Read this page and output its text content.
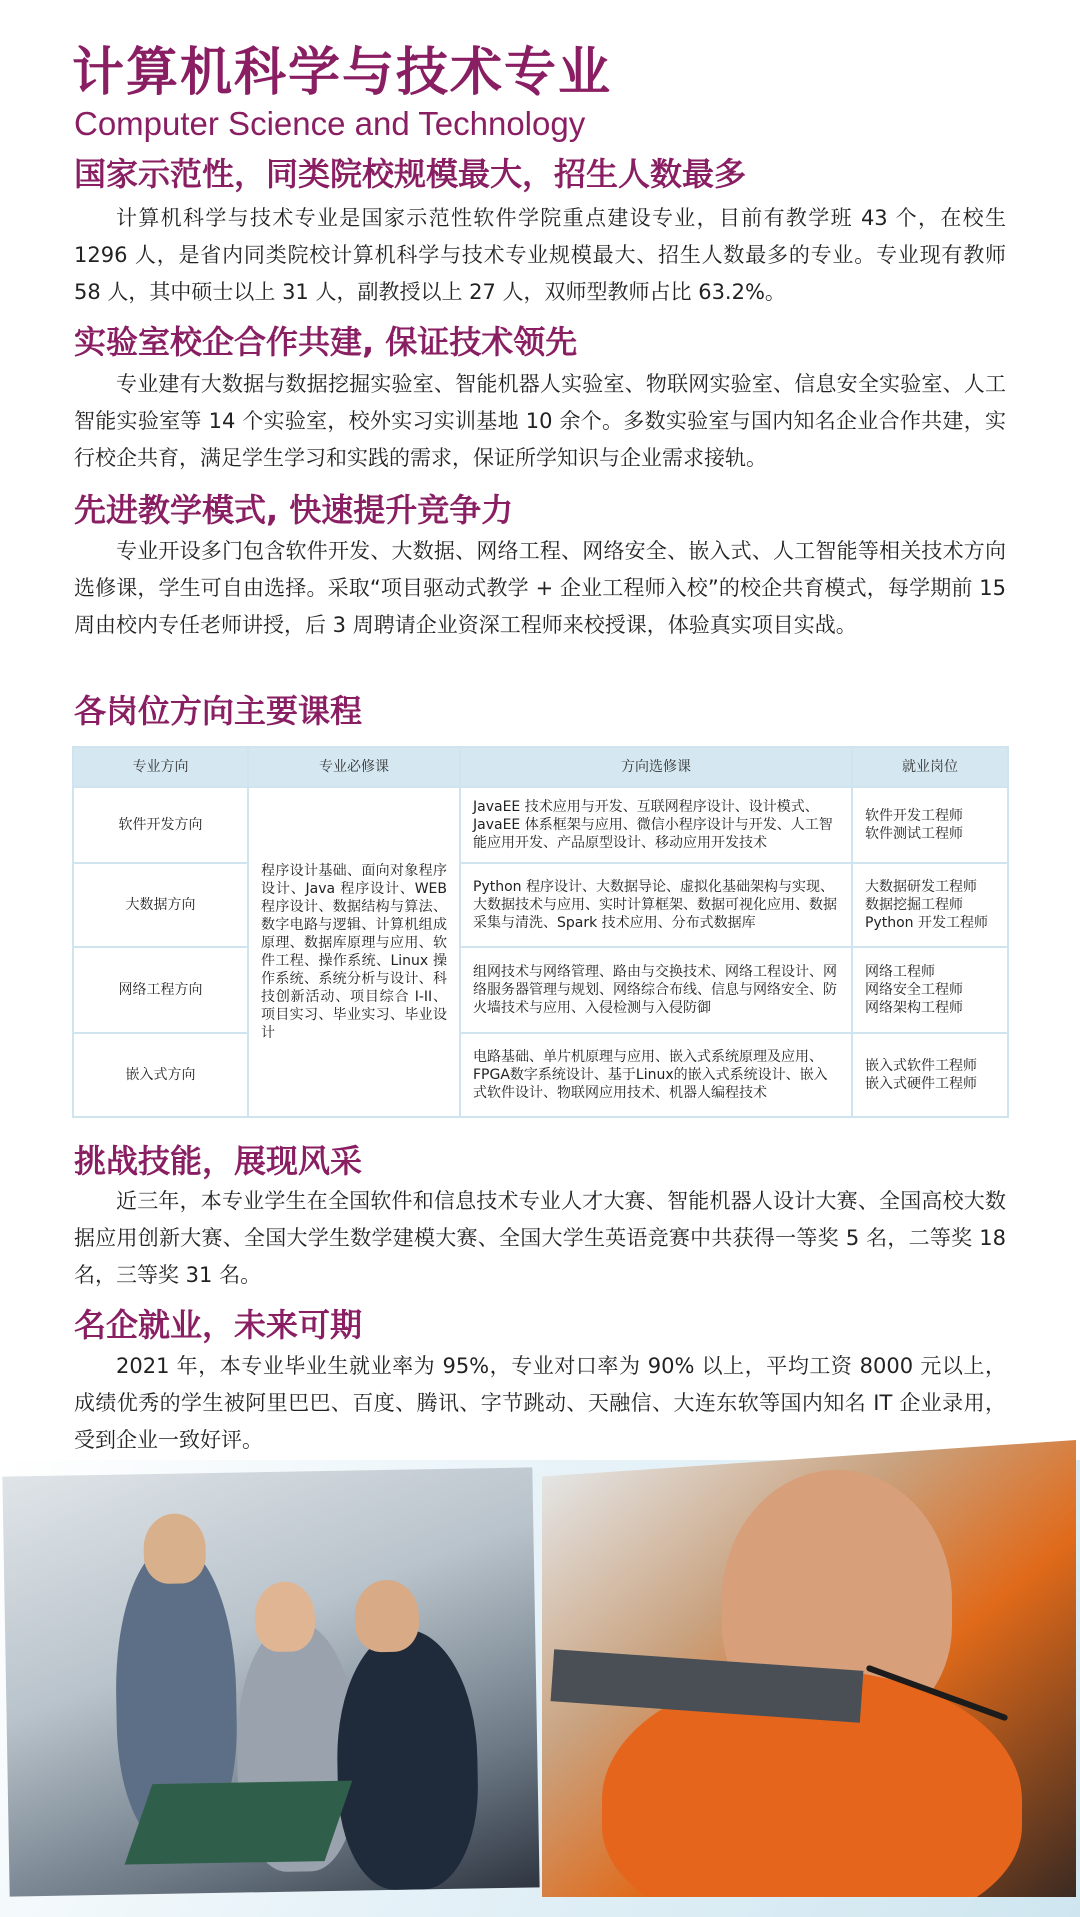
计算机科学与技术专业
Computer Science and Technology
国家示范性，同类院校规模最大，招生人数最多

计算机科学与技术专业是国家示范性软件学院重点建设专业，目前有教学班 43 个，在校生 1296 人，是省内同类院校计算机科学与技术专业规模最大、招生人数最多的专业。专业现有教师 58 人，其中硕士以上 31 人，副教授以上 27 人，双师型教师占比 63.2%。

实验室校企合作共建, 保证技术领先

专业建有大数据与数据挖掘实验室、智能机器人实验室、物联网实验室、信息安全实验室、人工智能实验室等 14 个实验室，校外实习实训基地 10 余个。多数实验室与国内知名企业合作共建，实行校企共育，满足学生学习和实践的需求，保证所学知识与企业需求接轨。

先进教学模式, 快速提升竞争力

专业开设多门包含软件开发、大数据、网络工程、网络安全、嵌入式、人工智能等相关技术方向选修课，学生可自由选择。采取“项目驱动式教学 + 企业工程师入校”的校企共育模式，每学期前 15 周由校内专任老师讲授，后 3 周聘请企业资深工程师来校授课，体验真实项目实战。

各岗位方向主要课程
专业方向	专业必修课	方向选修课	就业岗位
软件开发方向	程序设计基础、面向对象程序设计、Java 程序设计、WEB 程序设计、数据结构与算法、数字电路与逻辑、计算机组成原理、数据库原理与应用、软件工程、操作系统、Linux 操作系统、系统分析与设计、科技创新活动、项目综合 I-II、项目实习、毕业实习、毕业设计	JavaEE 技术应用与开发、互联网程序设计、设计模式、JavaEE 体系框架与应用、微信小程序设计与开发、人工智能应用开发、产品原型设计、移动应用开发技术	软件开发工程师
软件测试工程师

大数据方向		Python 程序设计、大数据导论、虚拟化基础架构与实现、大数据技术与应用、实时计算框架、数据可视化应用、数据采集与清洗、Spark 技术应用、分布式数据库	大数据研发工程师
数据挖掘工程师
Python 开发工程师

网络工程方向		组网技术与网络管理、路由与交换技术、网络工程设计、网络服务器管理与规划、网络综合布线、信息与网络安全、防火墙技术与应用、入侵检测与入侵防御	网络工程师
网络安全工程师
网络架构工程师

嵌入式方向		电路基础、单片机原理与应用、嵌入式系统原理及应用、FPGA数字系统设计、基于Linux的嵌入式系统设计、嵌入式软件设计、物联网应用技术、机器人编程技术	嵌入式软件工程师
嵌入式硬件工程师
挑战技能，展现风采

近三年，本专业学生在全国软件和信息技术专业人才大赛、智能机器人设计大赛、全国高校大数据应用创新大赛、全国大学生数学建模大赛、全国大学生英语竞赛中共获得一等奖 5 名，二等奖 18 名，三等奖 31 名。

名企就业，未来可期

2021 年，本专业毕业生就业率为 95%，专业对口率为 90% 以上，平均工资 8000 元以上，成绩优秀的学生被阿里巴巴、百度、腾讯、字节跳动、天融信、大连东软等国内知名 IT 企业录用，受到企业一致好评。
